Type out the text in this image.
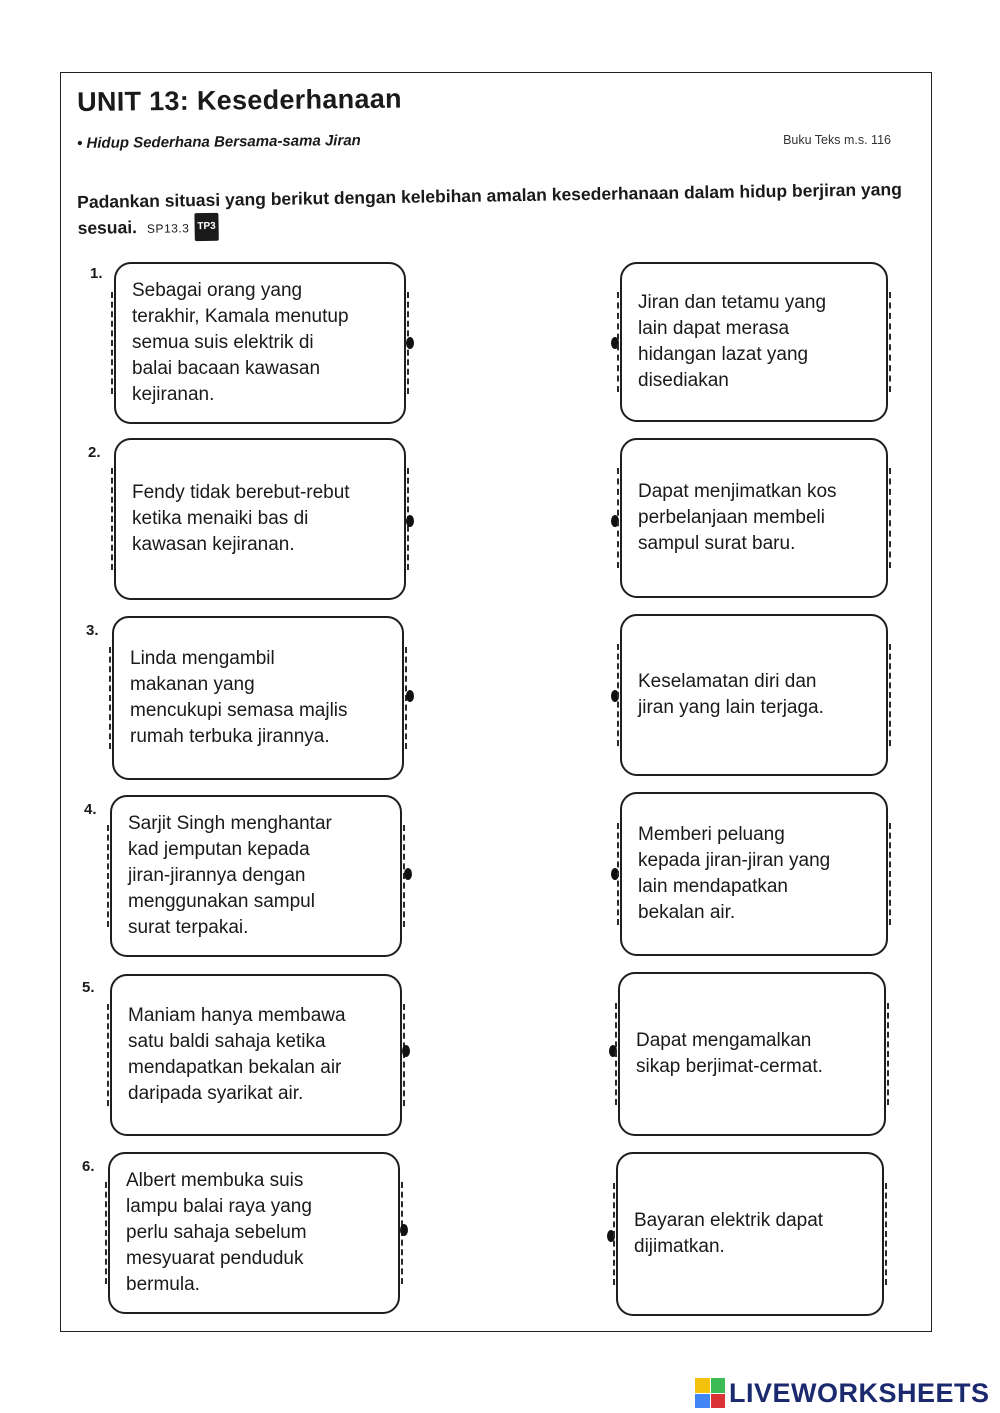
UNIT 13: Kesederhanaan
• Hidup Sederhana Bersama-sama Jiran	Buku Teks m.s. 116
Padankan situasi yang berikut dengan kelebihan amalan kesederhanaan dalam hidup berjiran yang sesuai. SP13.3 TP3
1.
Sebagai orang yang
terakhir, Kamala menutup
semua suis elektrik di
balai bacaan kawasan
kejiranan.
Jiran dan tetamu yang
lain dapat merasa
hidangan lazat yang
disediakan
2.
Fendy tidak berebut-rebut
ketika menaiki bas di
kawasan kejiranan.
Dapat menjimatkan kos
perbelanjaan membeli
sampul surat baru.
3.
Linda mengambil
makanan yang
mencukupi semasa majlis
rumah terbuka jirannya.
Keselamatan diri dan
jiran yang lain terjaga.
4.
Sarjit Singh menghantar
kad jemputan kepada
jiran-jirannya dengan
menggunakan sampul
surat terpakai.
Memberi peluang
kepada jiran-jiran yang
lain mendapatkan
bekalan air.
5.
Maniam hanya membawa
satu baldi sahaja ketika
mendapatkan bekalan air
daripada syarikat air.
Dapat mengamalkan
sikap berjimat-cermat.
6.
Albert membuka suis
lampu balai raya yang
perlu sahaja sebelum
mesyuarat penduduk
bermula.
Bayaran elektrik dapat
dijimatkan.
LIVEWORKSHEETS
